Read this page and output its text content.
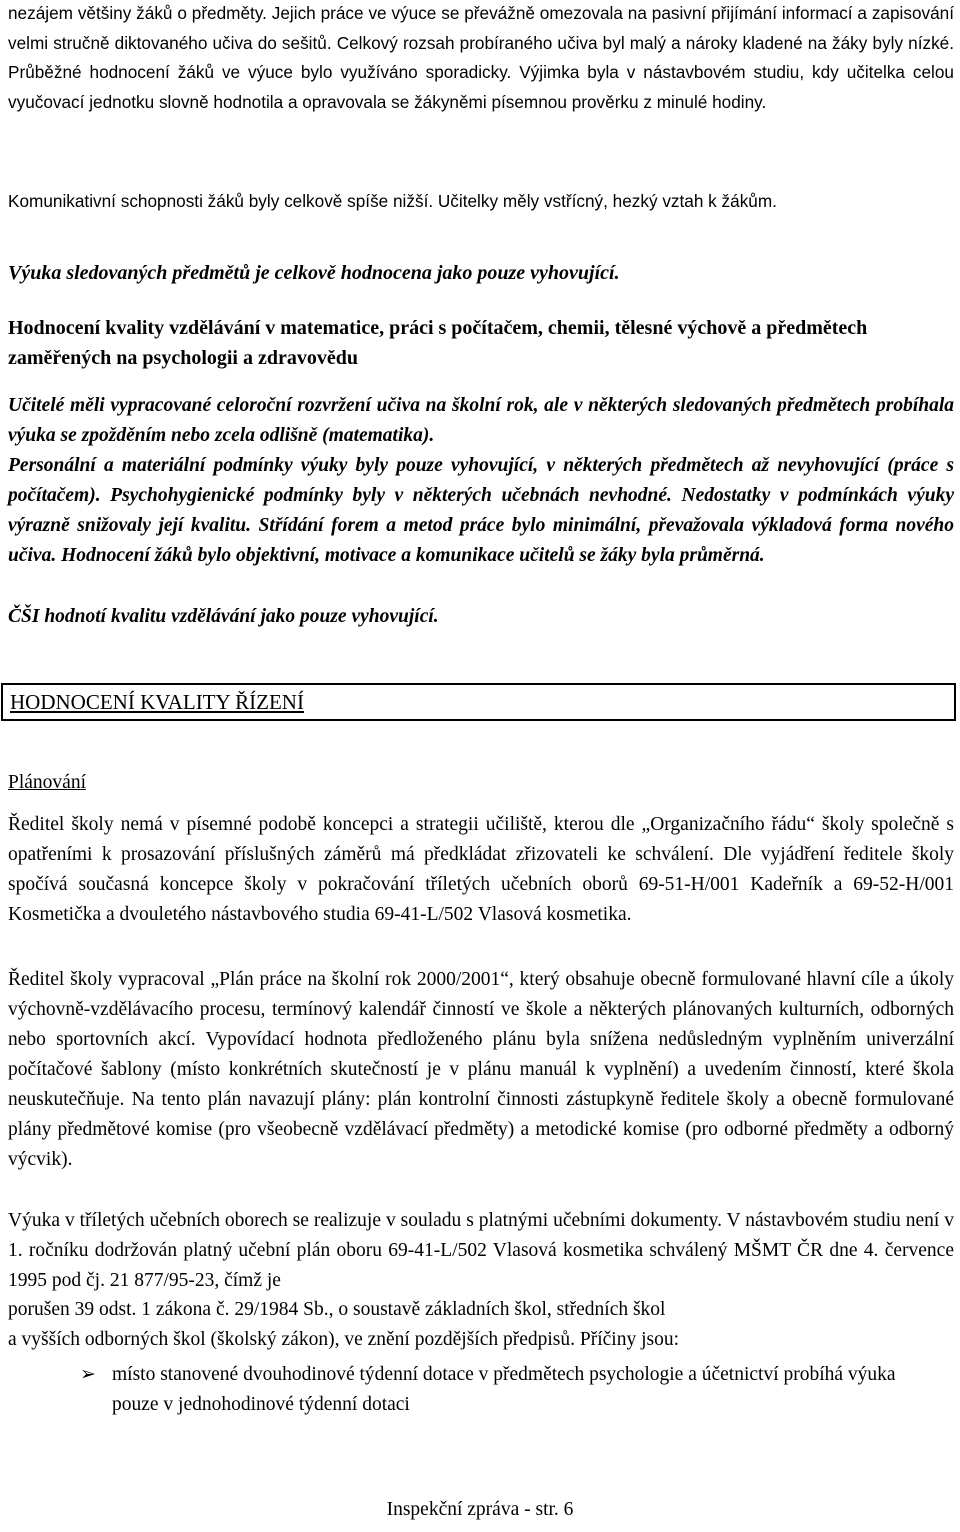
nezájem většiny žáků o předměty. Jejich práce ve výuce se převážně omezovala na pasivní přijímání informací a zapisování velmi stručně diktovaného učiva do sešitů. Celkový rozsah probíraného učiva byl malý a nároky kladené na žáky byly nízké. Průběžné hodnocení žáků ve výuce bylo využíváno sporadicky. Výjimka byla v nástavbovém studiu, kdy učitelka celou vyučovací jednotku slovně hodnotila a opravovala se žákyněmi písemnou prověrku z minulé hodiny.

Komunikativní schopnosti žáků byly celkově spíše nižší. Učitelky měly vstřícný, hezký vztah k žákům.

Výuka sledovaných předmětů je celkově hodnocena jako pouze vyhovující.

Hodnocení kvality vzdělávání v matematice, práci s počítačem, chemii, tělesné výchově a předmětech zaměřených na psychologii a zdravovědu

Učitelé měli vypracované celoroční rozvržení učiva na školní rok, ale v některých sledovaných předmětech probíhala výuka se zpožděním nebo zcela odlišně (matematika).

Personální a materiální podmínky výuky byly pouze vyhovující, v některých předmětech až nevyhovující (práce s počítačem). Psychohygienické podmínky byly v některých učebnách nevhodné. Nedostatky v podmínkách výuky výrazně snižovaly její kvalitu. Střídání forem a metod práce bylo minimální, převažovala výkladová forma nového učiva. Hodnocení žáků bylo objektivní, motivace a komunikace učitelů se žáky byla průměrná.

ČŠI hodnotí kvalitu vzdělávání jako pouze vyhovující.

HODNOCENÍ KVALITY ŘÍZENÍ

Plánování

Ředitel školy nemá v písemné podobě koncepci a strategii učiliště, kterou dle „Organizačního řádu“ školy společně s opatřeními k prosazování příslušných záměrů má předkládat zřizovateli ke schválení. Dle vyjádření ředitele školy spočívá současná koncepce školy v pokračování tříletých učebních oborů 69-51-H/001 Kadeřník a 69-52-H/001 Kosmetička a dvouletého nástavbového studia 69-41-L/502 Vlasová kosmetika.

Ředitel školy vypracoval „Plán práce na školní rok 2000/2001“, který obsahuje obecně formulované hlavní cíle a úkoly výchovně-vzdělávacího procesu, termínový kalendář činností ve škole a některých plánovaných kulturních, odborných nebo sportovních akcí. Vypovídací hodnota předloženého plánu byla snížena nedůsledným vyplněním univerzální počítačové šablony (místo konkrétních skutečností je v plánu manuál k vyplnění) a uvedením činností, které škola neuskutečňuje. Na tento plán navazují plány: plán kontrolní činnosti zástupkyně ředitele školy a obecně formulované plány předmětové komise (pro všeobecně vzdělávací předměty) a metodické komise (pro odborné předměty a odborný výcvik).

Výuka v tříletých učebních oborech se realizuje v souladu s platnými učebními dokumenty. V nástavbovém studiu není v 1. ročníku dodržován platný učební plán oboru 69-41-L/502 Vlasová kosmetika schválený MŠMT ČR dne 4. července 1995 pod čj. 21 877/95-23, čímž je

porušen 39 odst. 1 zákona č. 29/1984 Sb., o soustavě základních škol, středních škol

a vyšších odborných škol (školský zákon), ve znění pozdějších předpisů. Příčiny jsou:

➢ místo stanovené dvouhodinové týdenní dotace v předmětech psychologie a účetnictví probíhá výuka pouze v jednohodinové týdenní dotaci

Inspekční zpráva - str. 6
